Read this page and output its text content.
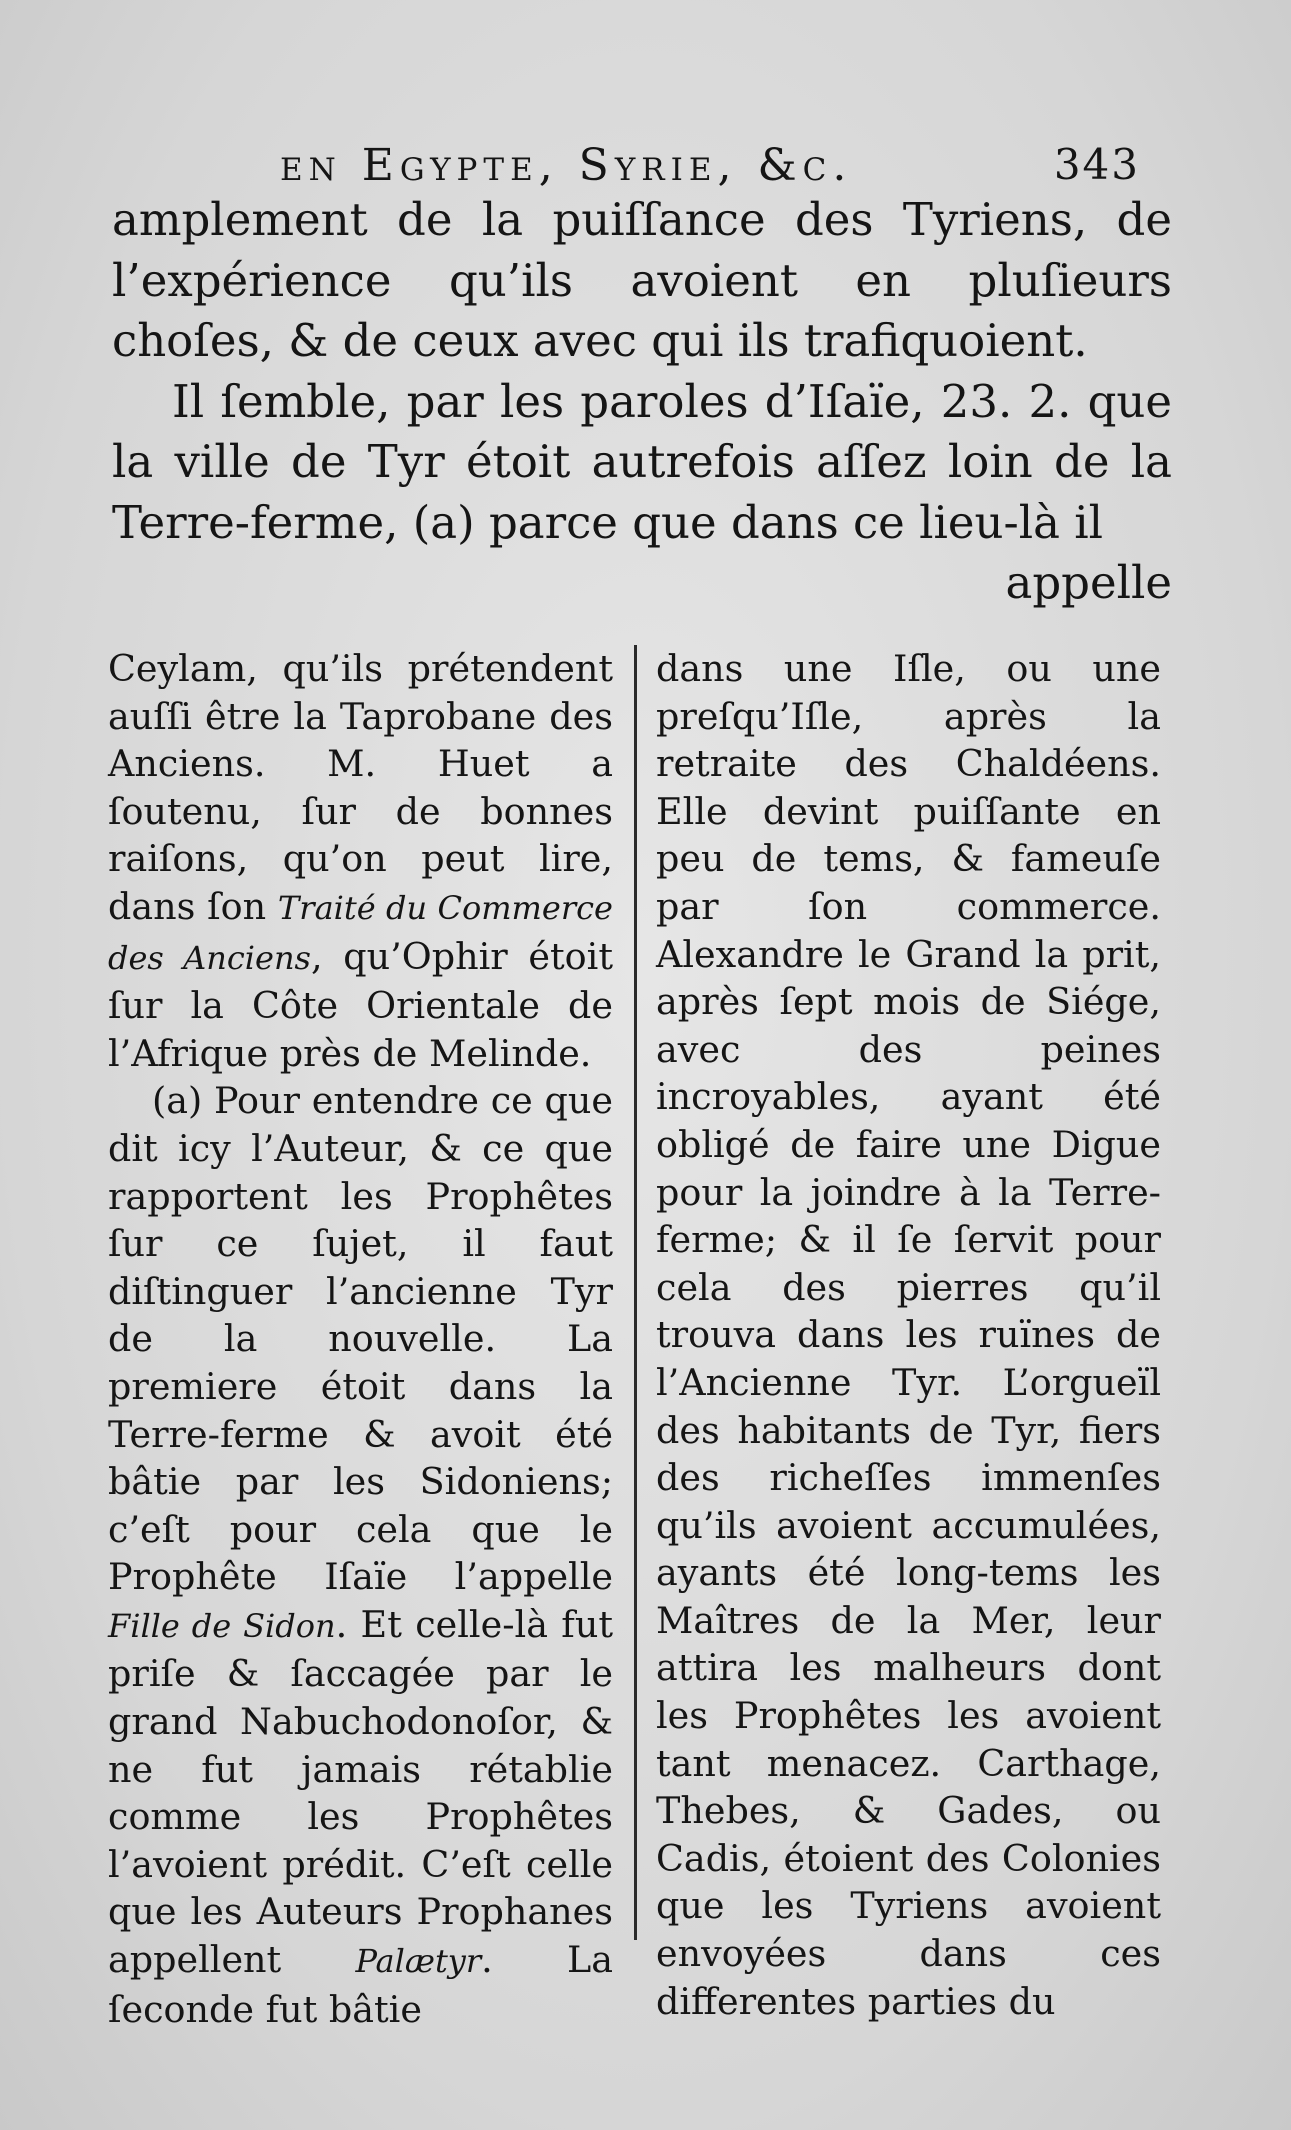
en Egypte, Syrie, &c.	343

amplement de la puiſſance des Tyriens, de l’expérience qu’ils avoient en pluſieurs choſes, & de ceux avec qui ils trafiquoient.

Il ſemble, par les paroles d’Iſaïe, 23. 2. que la ville de Tyr étoit autrefois aſſez loin de la Terre-ferme, (a) parce que dans ce lieu-là il

appelle

Ceylam, qu’ils prétendent auſſi être la Taprobane des Anciens. M. Huet a ſoutenu, ſur de bonnes raiſons, qu’on peut lire, dans ſon Traité du Commerce des Anciens, qu’Ophir étoit ſur la Côte Orientale de l’Afrique près de Melinde.

(a) Pour entendre ce que dit icy l’Auteur, & ce que rapportent les Prophêtes ſur ce ſujet, il faut diſtinguer l’ancienne Tyr de la nouvelle. La premiere étoit dans la Terre-ferme & avoit été bâtie par les Sidoniens; c’eſt pour cela que le Prophête Iſaïe l’appelle Fille de Sidon. Et celle-là fut priſe & ſaccagée par le grand Nabuchodonoſor, & ne fut jamais rétablie comme les Prophêtes l’avoient prédit. C’eſt celle que les Auteurs Prophanes appellent Palætyr. La ſeconde fut bâtie

dans une Iſle, ou une preſqu’Iſle, après la retraite des Chaldéens. Elle devint puiſſante en peu de tems, & fameuſe par ſon commerce. Alexandre le Grand la prit, après ſept mois de Siége, avec des peines incroyables, ayant été obligé de faire une Digue pour la joindre à la Terre-ferme; & il ſe ſervit pour cela des pierres qu’il trouva dans les ruïnes de l’Ancienne Tyr. L’orgueïl des habitants de Tyr, fiers des richeſſes immenſes qu’ils avoient accumulées, ayants été long-tems les Maîtres de la Mer, leur attira les malheurs dont les Prophêtes les avoient tant menacez. Carthage, Thebes, & Gades, ou Cadis, étoient des Colonies que les Tyriens avoient envoyées dans ces differentes parties du
